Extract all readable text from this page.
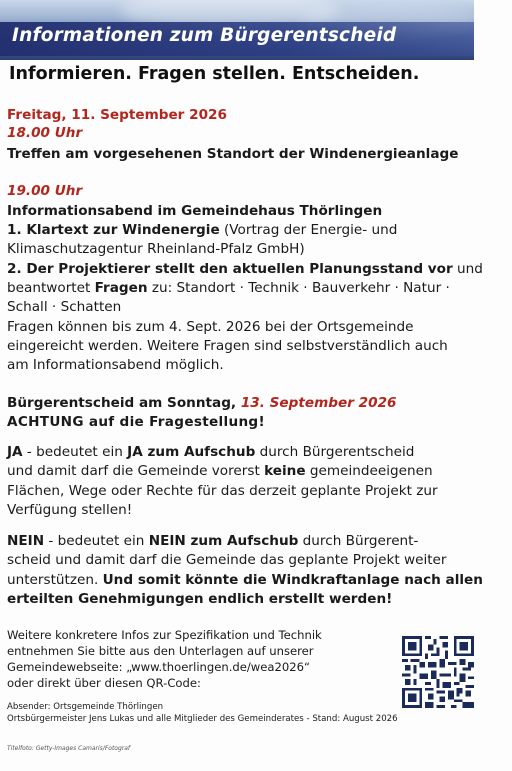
Informationen zum Bürgerentscheid
Informieren. Fragen stellen. Entscheiden.
Freitag, 11. September 2026
18.00 Uhr
Treffen am vorgesehenen Standort der Windenergieanlage
19.00 Uhr
Informationsabend im Gemeindehaus Thörlingen
1. Klartext zur Windenergie (Vortrag der Energie- und
Klimaschutzagentur Rheinland-Pfalz GmbH)
2. Der Projektierer stellt den aktuellen Planungsstand vor und
beantwortet Fragen zu: Standort · Technik · Bauverkehr · Natur ·
Schall · Schatten
Fragen können bis zum 4. Sept. 2026 bei der Ortsgemeinde
eingereicht werden. Weitere Fragen sind selbstverständlich auch
am Informationsabend möglich.
Bürgerentscheid am Sonntag, 13. September 2026
ACHTUNG auf die Fragestellung!
JA - bedeutet ein JA zum Aufschub durch Bürgerentscheid
und damit darf die Gemeinde vorerst keine gemeindeeigenen
Flächen, Wege oder Rechte für das derzeit geplante Projekt zur
Verfügung stellen!
NEIN - bedeutet ein NEIN zum Aufschub durch Bürgerent-
scheid und damit darf die Gemeinde das geplante Projekt weiter
unterstützen. Und somit könnte die Windkraftanlage nach allen
erteilten Genehmigungen endlich erstellt werden!
Weitere konkretere Infos zur Spezifikation und Technik
entnehmen Sie bitte aus den Unterlagen auf unserer
Gemeindewebseite: „www.thoerlingen.de/wea2026“
oder direkt über diesen QR-Code:
Absender: Ortsgemeinde Thörlingen
Ortsbürgermeister Jens Lukas und alle Mitglieder des Gemeinderates - Stand: August 2026
Titelfoto: Getty-Images Camaris/Fotograf
